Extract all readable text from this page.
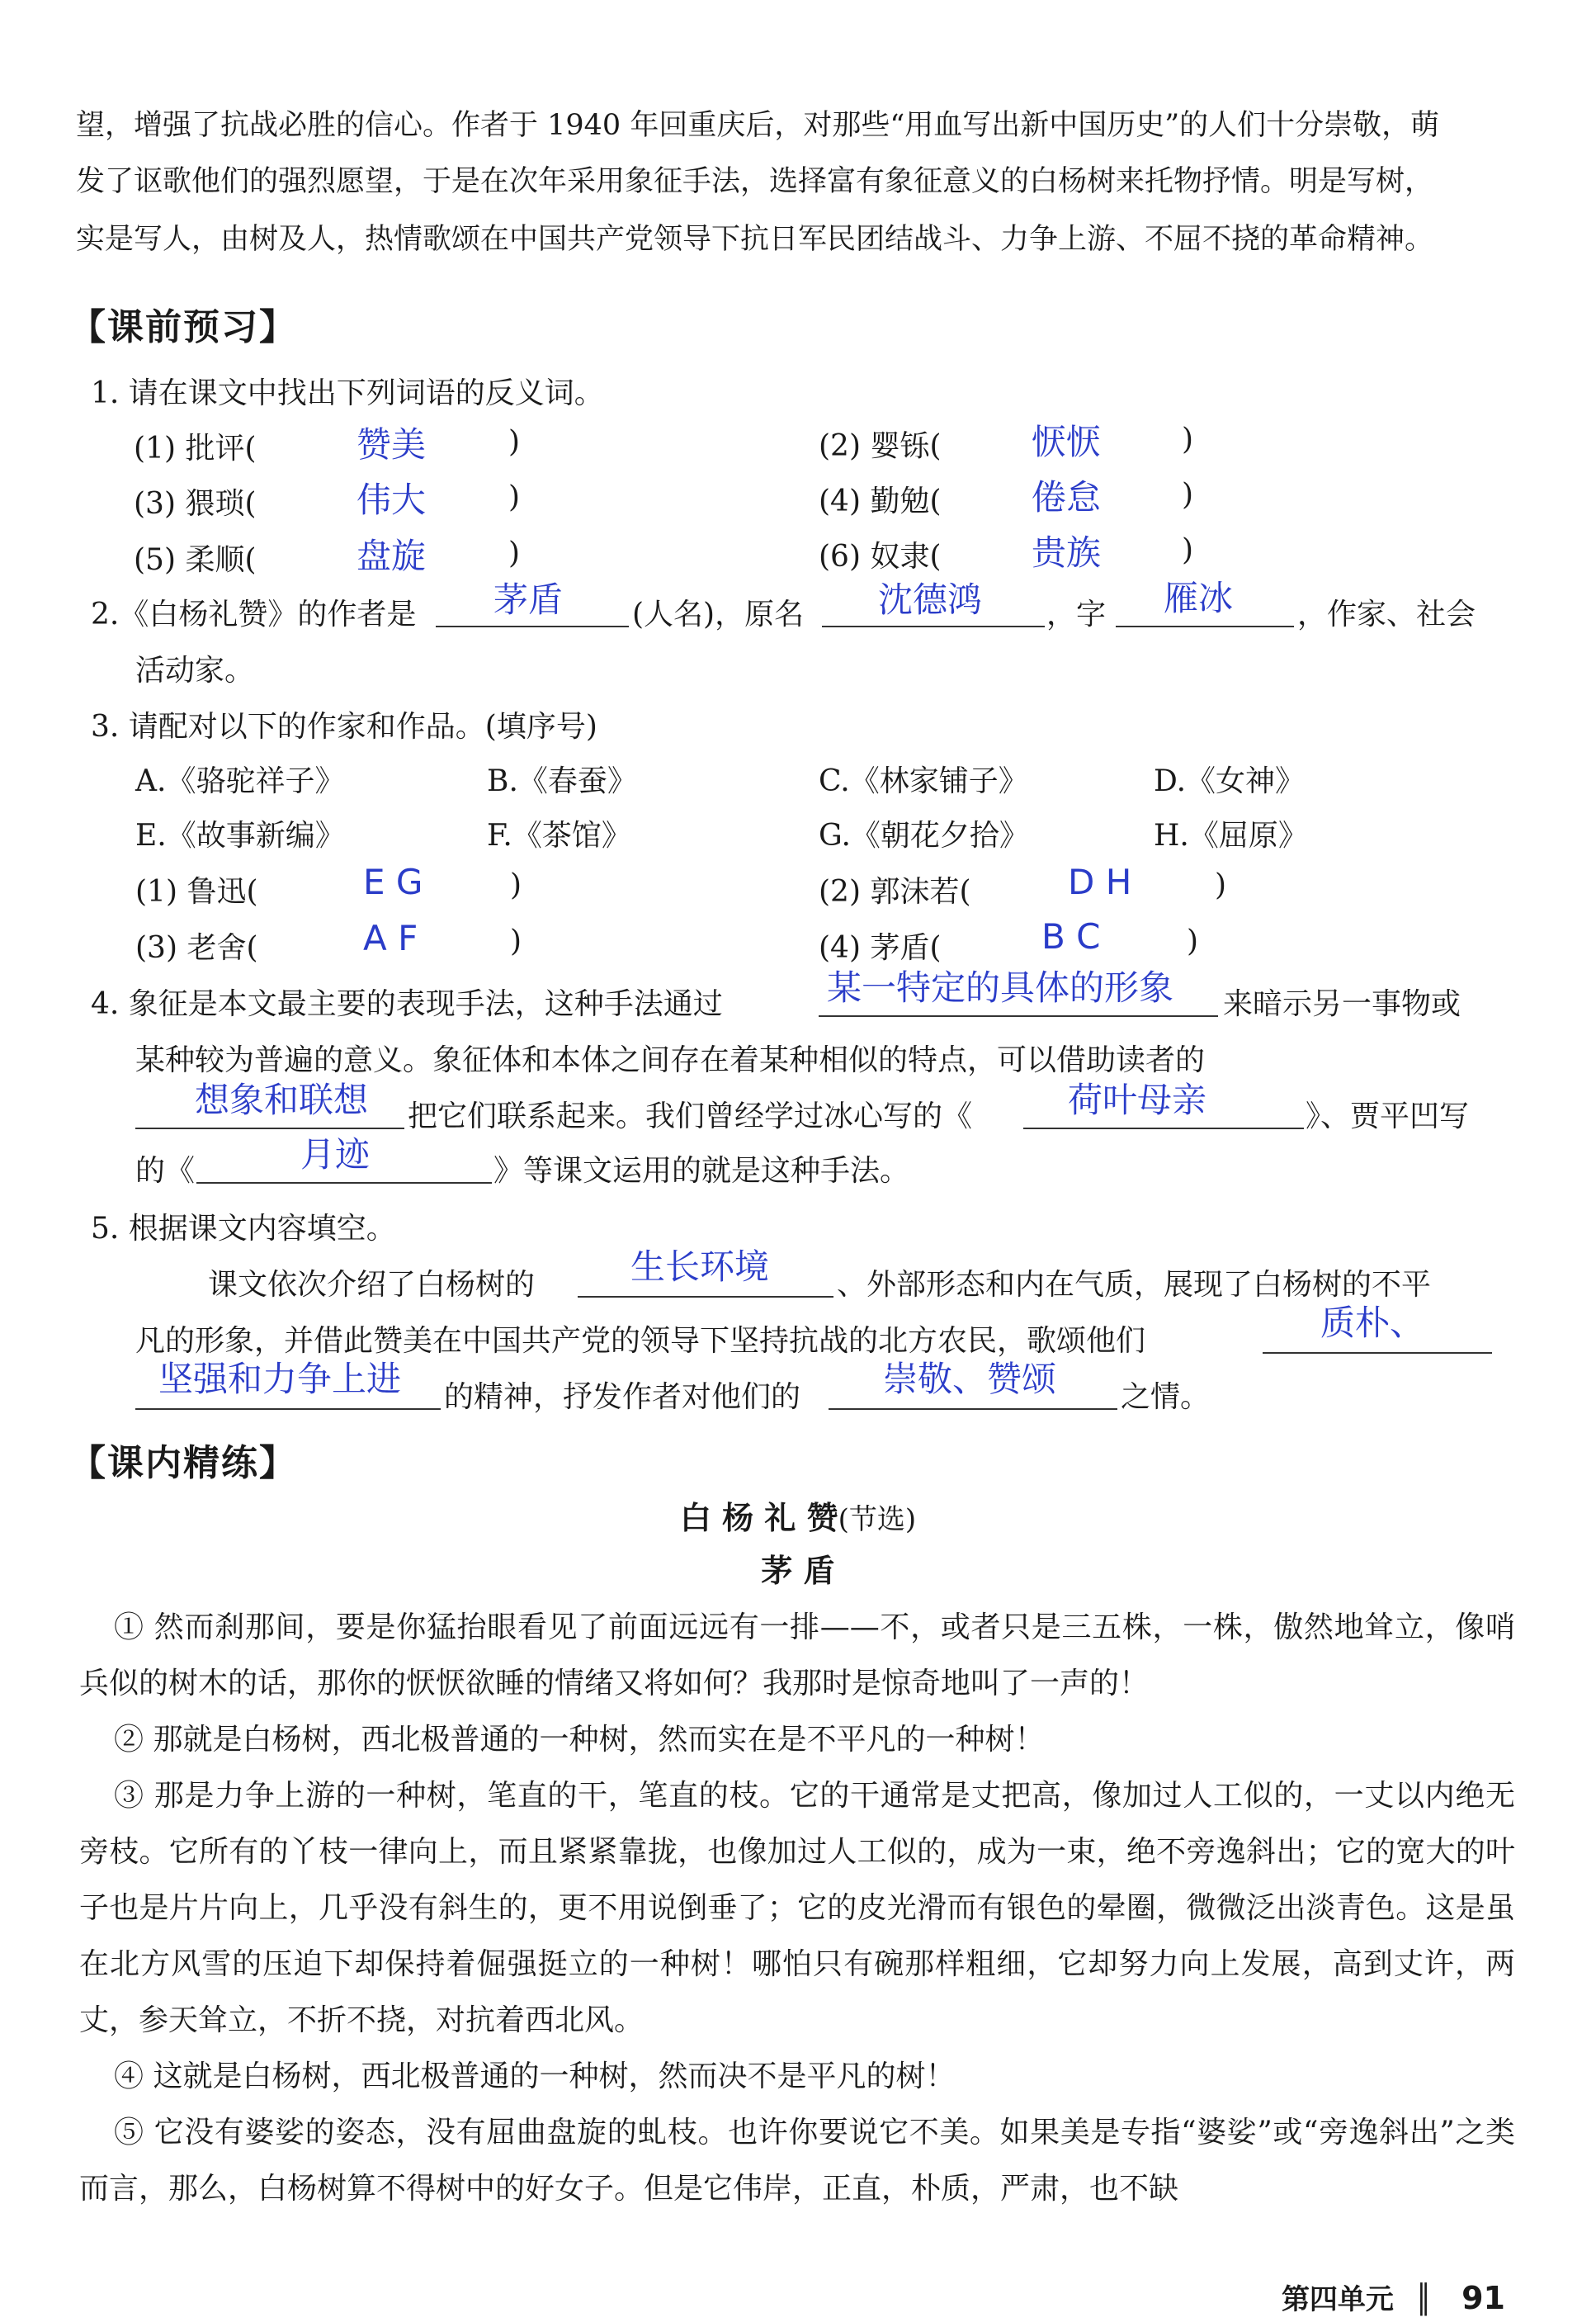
望，增强了抗战必胜的信心。作者于 1940 年回重庆后，对那些“用血写出新中国历史”的人们十分崇敬，萌
发了讴歌他们的强烈愿望，于是在次年采用象征手法，选择富有象征意义的白杨树来托物抒情。明是写树，
实是写人，由树及人，热情歌颂在中国共产党领导下抗日军民团结战斗、力争上游、不屈不挠的革命精神。
【课前预习】
1. 请在课文中找出下列词语的反义词。
(1) 批评(	赞美	)	(2) 婴铄(	恹恹	)
(3) 猥琐(	伟大	)	(4) 勤勉(	倦怠	)
(5) 柔顺(	盘旋	)	(6) 奴隶(	贵族	)
2.《白杨礼赞》的作者是 茅盾 (人名)，原名 沈德鸿 ，字 雁冰 ，作家、社会
活动家。
3. 请配对以下的作家和作品。(填序号)
A.《骆驼祥子》	B.《春蚕》	C.《林家铺子》	D.《女神》
E.《故事新编》	F.《茶馆》	G.《朝花夕拾》	H.《屈原》
(1) 鲁迅(	E G	)	(2) 郭沫若(	D H	)
(3) 老舍(	A F	)	(4) 茅盾(	B C	)
4. 象征是本文最主要的表现手法，这种手法通过	某一特定的具体的形象 来暗示另一事物或
某种较为普遍的意义。象征体和本体之间存在着某种相似的特点，可以借助读者的
想象和联想 把它们联系起来。我们曾经学过冰心写的《	荷叶母亲	》、贾平凹写
的《	月迹	》等课文运用的就是这种手法。
5. 根据课文内容填空。
课文依次介绍了白杨树的	生长环境 、外部形态和内在气质，展现了白杨树的不平
凡的形象，并借此赞美在中国共产党的领导下坚持抗战的北方农民，歌颂他们	质朴、
坚强和力争上进 的精神，抒发作者对他们的 崇敬、赞颂 之情。
【课内精练】
白 杨 礼 赞(节选)
茅 盾
① 然而刹那间，要是你猛抬眼看见了前面远远有一排——不，或者只是三五株，一株，傲然地耸立，像哨兵似的树木的话，那你的恹恹欲睡的情绪又将如何？我那时是惊奇地叫了一声的！
② 那就是白杨树，西北极普通的一种树，然而实在是不平凡的一种树！
③ 那是力争上游的一种树，笔直的干，笔直的枝。它的干通常是丈把高，像加过人工似的，一丈以内绝无旁枝。它所有的丫枝一律向上，而且紧紧靠拢，也像加过人工似的，成为一束，绝不旁逸斜出；它的宽大的叶子也是片片向上，几乎没有斜生的，更不用说倒垂了；它的皮光滑而有银色的晕圈，微微泛出淡青色。这是虽在北方风雪的压迫下却保持着倔强挺立的一种树！哪怕只有碗那样粗细，它却努力向上发展，高到丈许，两丈，参天耸立，不折不挠，对抗着西北风。
④ 这就是白杨树，西北极普通的一种树，然而决不是平凡的树！
⑤ 它没有婆娑的姿态，没有屈曲盘旋的虬枝。也许你要说它不美。如果美是专指“婆娑”或“旁逸斜出”之类而言，那么，白杨树算不得树中的好女子。但是它伟岸，正直，朴质，严肃，也不缺
第四单元 ║ 91
